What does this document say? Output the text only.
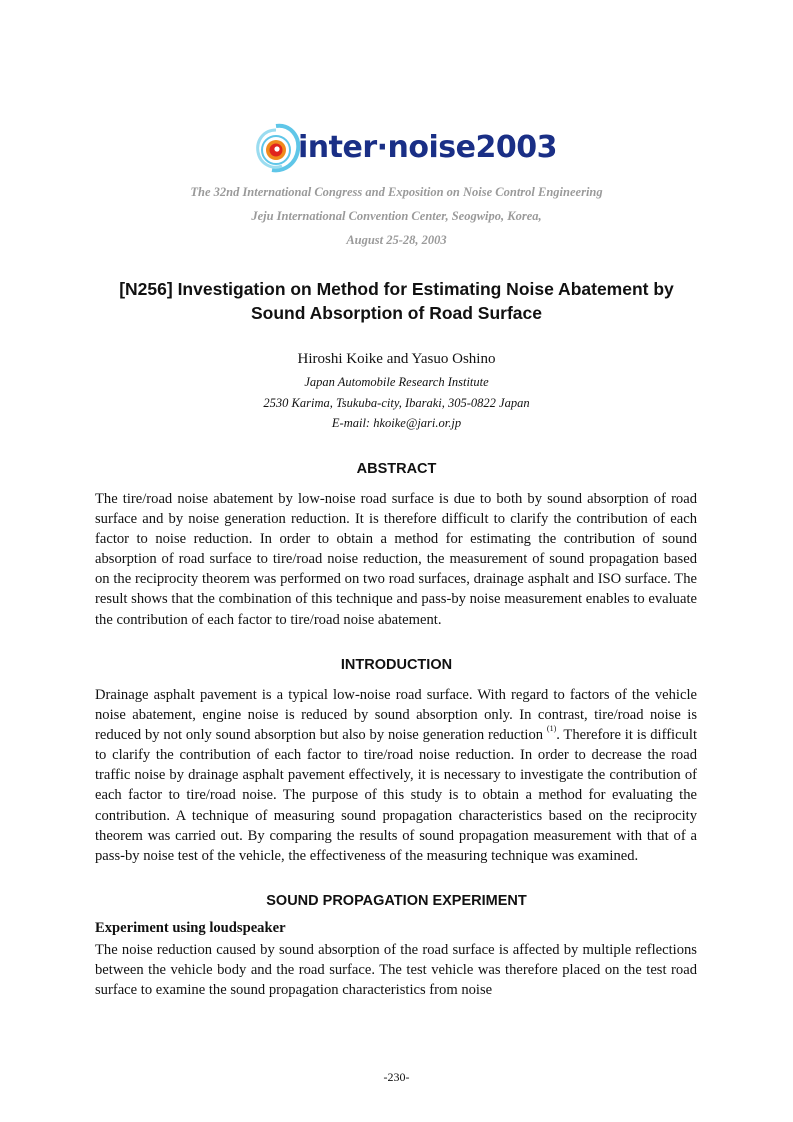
inter·noise2003
The 32nd International Congress and Exposition on Noise Control Engineering
Jeju International Convention Center, Seogwipo, Korea,
August 25-28, 2003
[N256] Investigation on Method for Estimating Noise Abatement by
Sound Absorption of Road Surface
Hiroshi Koike and Yasuo Oshino
Japan Automobile Research Institute
2530 Karima, Tsukuba-city, Ibaraki, 305-0822 Japan
E-mail: hkoike@jari.or.jp
ABSTRACT

The tire/road noise abatement by low-noise road surface is due to both by sound absorption of road surface and by noise generation reduction. It is therefore difficult to clarify the contribution of each factor to noise reduction. In order to obtain a method for estimating the contribution of sound absorption of road surface to tire/road noise reduction, the measurement of sound propagation based on the reciprocity theorem was performed on two road surfaces, drainage asphalt and ISO surface. The result shows that the combination of this technique and pass-by noise measurement enables to evaluate the contribution of each factor to tire/road noise abatement.

INTRODUCTION

Drainage asphalt pavement is a typical low-noise road surface. With regard to factors of the vehicle noise abatement, engine noise is reduced by sound absorption only. In contrast, tire/road noise is reduced by not only sound absorption but also by noise generation reduction $^{(1)}$. Therefore it is difficult to clarify the contribution of each factor to tire/road noise reduction. In order to decrease the road traffic noise by drainage asphalt pavement effectively, it is necessary to investigate the contribution of each factor to tire/road noise. The purpose of this study is to obtain a method for evaluating the contribution. A technique of measuring sound propagation characteristics based on the reciprocity theorem was carried out. By comparing the results of sound propagation measurement with that of a pass-by noise test of the vehicle, the effectiveness of the measuring technique was examined.

SOUND PROPAGATION EXPERIMENT
Experiment using loudspeaker

The noise reduction caused by sound absorption of the road surface is affected by multiple reflections between the vehicle body and the road surface. The test vehicle was therefore placed on the test road surface to examine the sound propagation characteristics from noise

-230-
